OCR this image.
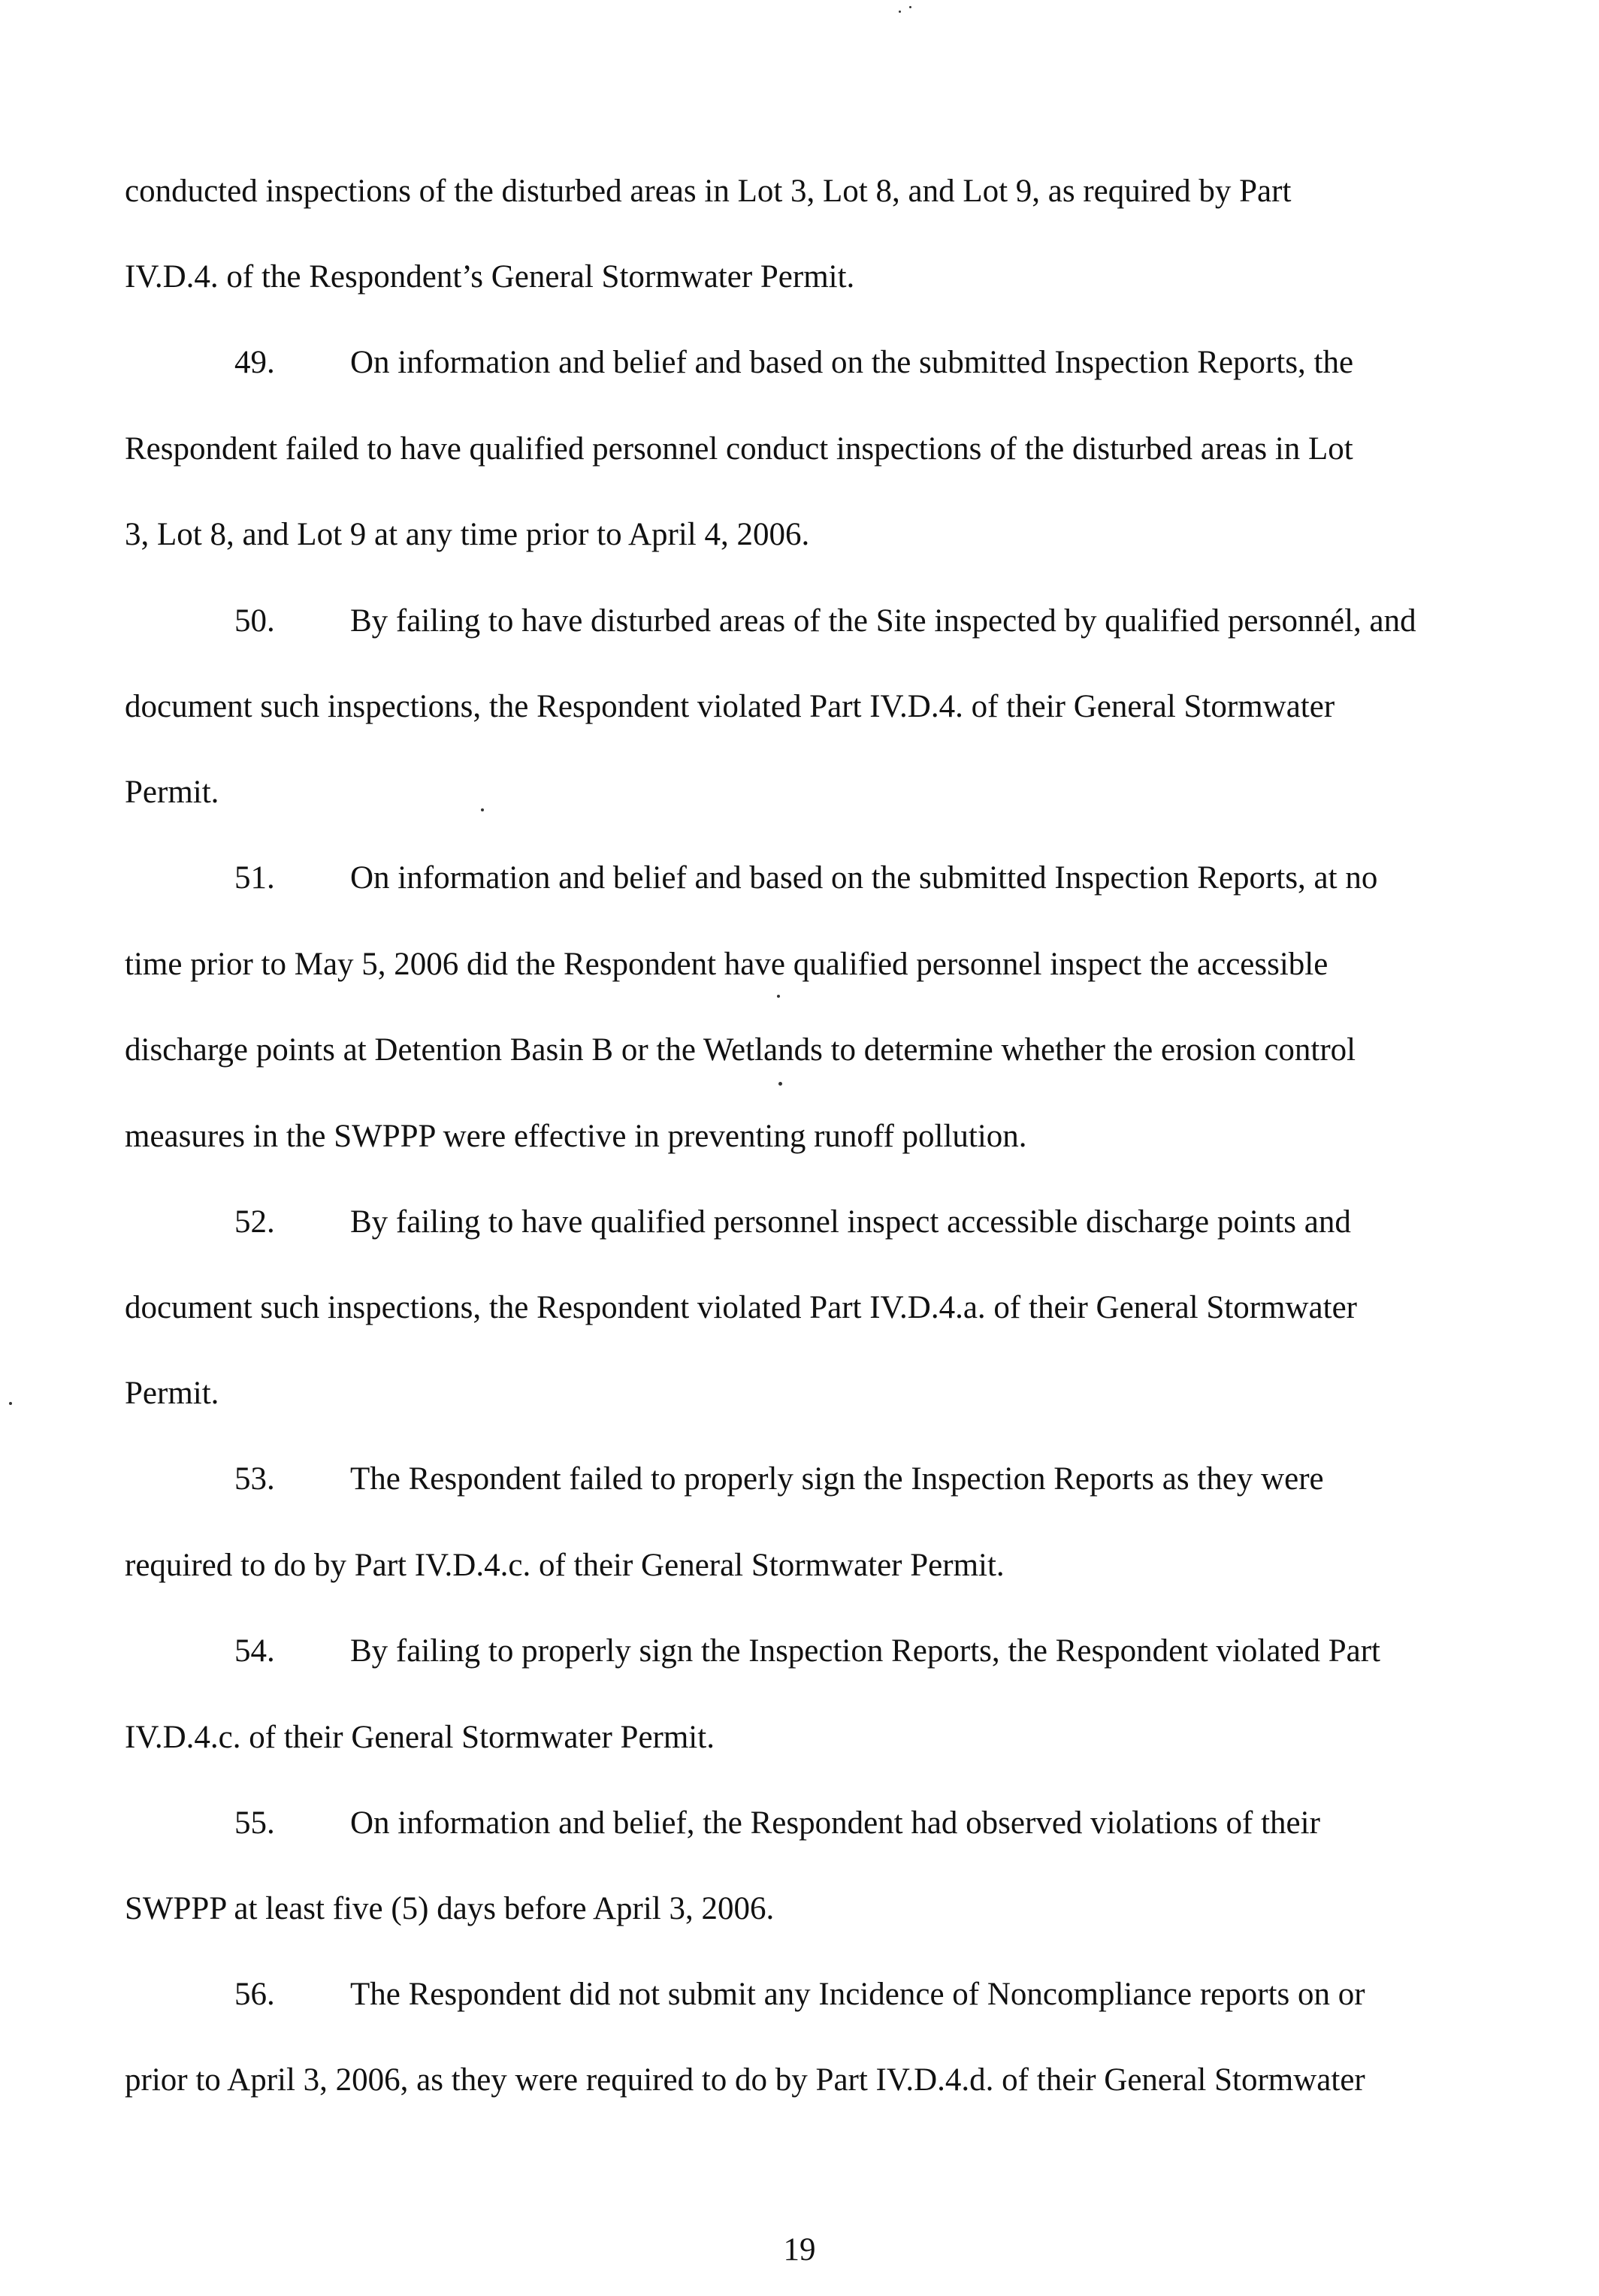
conducted inspections of the disturbed areas in Lot 3, Lot 8, and Lot 9, as required by Part
IV.D.4. of the Respondent’s General Stormwater Permit.
49. On information and belief and based on the submitted Inspection Reports, the
Respondent failed to have qualified personnel conduct inspections of the disturbed areas in Lot
3, Lot 8, and Lot 9 at any time prior to April 4, 2006.
50. By failing to have disturbed areas of the Site inspected by qualified personnél, and
document such inspections, the Respondent violated Part IV.D.4. of their General Stormwater
Permit.
51. On information and belief and based on the submitted Inspection Reports, at no
time prior to May 5, 2006 did the Respondent have qualified personnel inspect the accessible
discharge points at Detention Basin B or the Wetlands to determine whether the erosion control
measures in the SWPPP were effective in preventing runoff pollution.
52. By failing to have qualified personnel inspect accessible discharge points and
document such inspections, the Respondent violated Part IV.D.4.a. of their General Stormwater
Permit.
53. The Respondent failed to properly sign the Inspection Reports as they were
required to do by Part IV.D.4.c. of their General Stormwater Permit.
54. By failing to properly sign the Inspection Reports, the Respondent violated Part
IV.D.4.c. of their General Stormwater Permit.
55. On information and belief, the Respondent had observed violations of their
SWPPP at least five (5) days before April 3, 2006.
56. The Respondent did not submit any Incidence of Noncompliance reports on or
prior to April 3, 2006, as they were required to do by Part IV.D.4.d. of their General Stormwater
19
